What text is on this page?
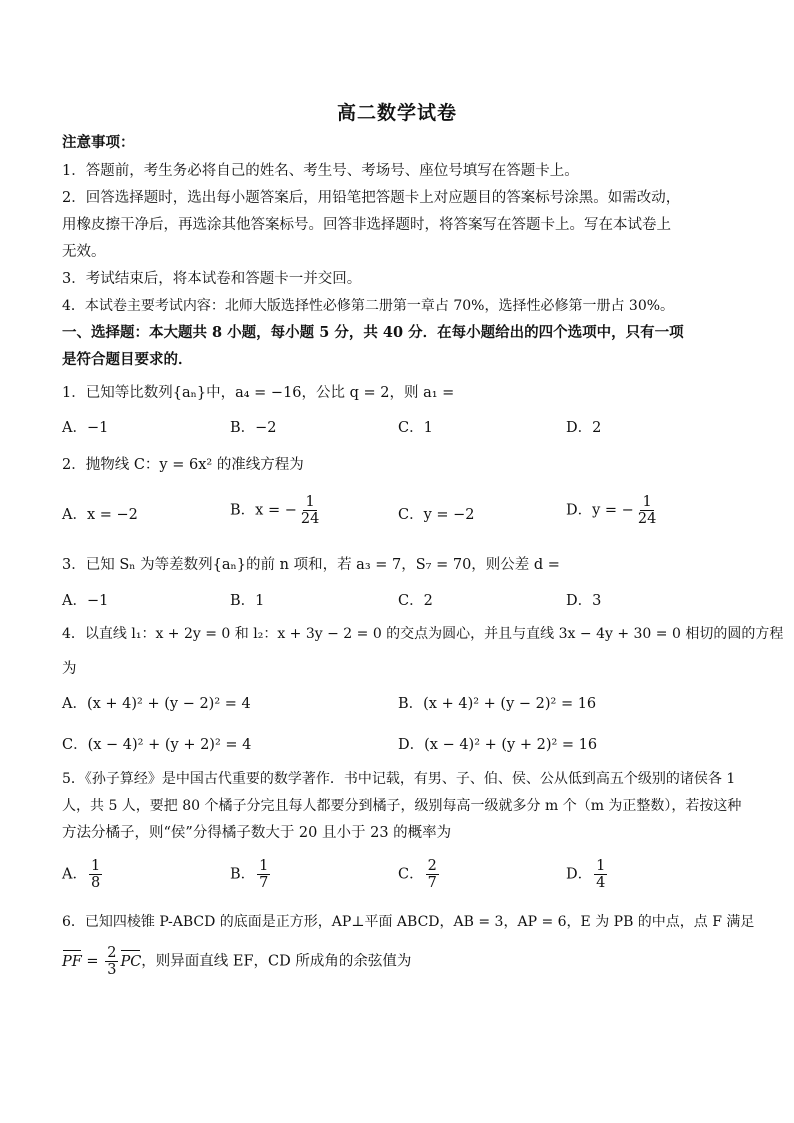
高二数学试卷
注意事项：
1．答题前，考生务必将自己的姓名、考生号、考场号、座位号填写在答题卡上。
2．回答选择题时，选出每小题答案后，用铅笔把答题卡上对应题目的答案标号涂黑。如需改动，
用橡皮擦干净后，再选涂其他答案标号。回答非选择题时，将答案写在答题卡上。写在本试卷上
无效。
3．考试结束后，将本试卷和答题卡一并交回。
4．本试卷主要考试内容：北师大版选择性必修第二册第一章占 70%，选择性必修第一册占 30%。
一、选择题：本大题共 8 小题，每小题 5 分，共 40 分．在每小题给出的四个选项中，只有一项
是符合题目要求的．
1．已知等比数列{aₙ}中，a₄ = −16，公比 q = 2，则 a₁ =
A．−1	B．−2	C．1	D．2
2．抛物线 C：y = 6x² 的准线方程为
A．x = −2	B．x = − $\frac{1}{24}$	C．y = −2	D．y = − $\frac{1}{24}$
3．已知 Sₙ 为等差数列{aₙ}的前 n 项和，若 a₃ = 7，S₇ = 70，则公差 d =
A．−1	B．1	C．2	D．3
4．以直线 l₁：x + 2y = 0 和 l₂：x + 3y − 2 = 0 的交点为圆心，并且与直线 3x − 4y + 30 = 0 相切的圆的方程
为
A．(x + 4)² + (y − 2)² = 4	B．(x + 4)² + (y − 2)² = 16
C．(x − 4)² + (y + 2)² = 4	D．(x − 4)² + (y + 2)² = 16
5．《孙子算经》是中国古代重要的数学著作．书中记载，有男、子、伯、侯、公从低到高五个级别的诸侯各 1
人，共 5 人，要把 80 个橘子分完且每人都要分到橘子，级别每高一级就多分 m 个（m 为正整数），若按这种
方法分橘子，则“侯”分得橘子数大于 20 且小于 23 的概率为
A． $\frac{1}{8}$	B． $\frac{1}{7}$	C． $\frac{2}{7}$	D． $\frac{1}{4}$
6．已知四棱锥 P-ABCD 的底面是正方形，AP⊥平面 ABCD，AB = 3，AP = 6，E 为 PB 的中点，点 F 满足
PF = $\frac{2}{3}$ PC，则异面直线 EF，CD 所成角的余弦值为
